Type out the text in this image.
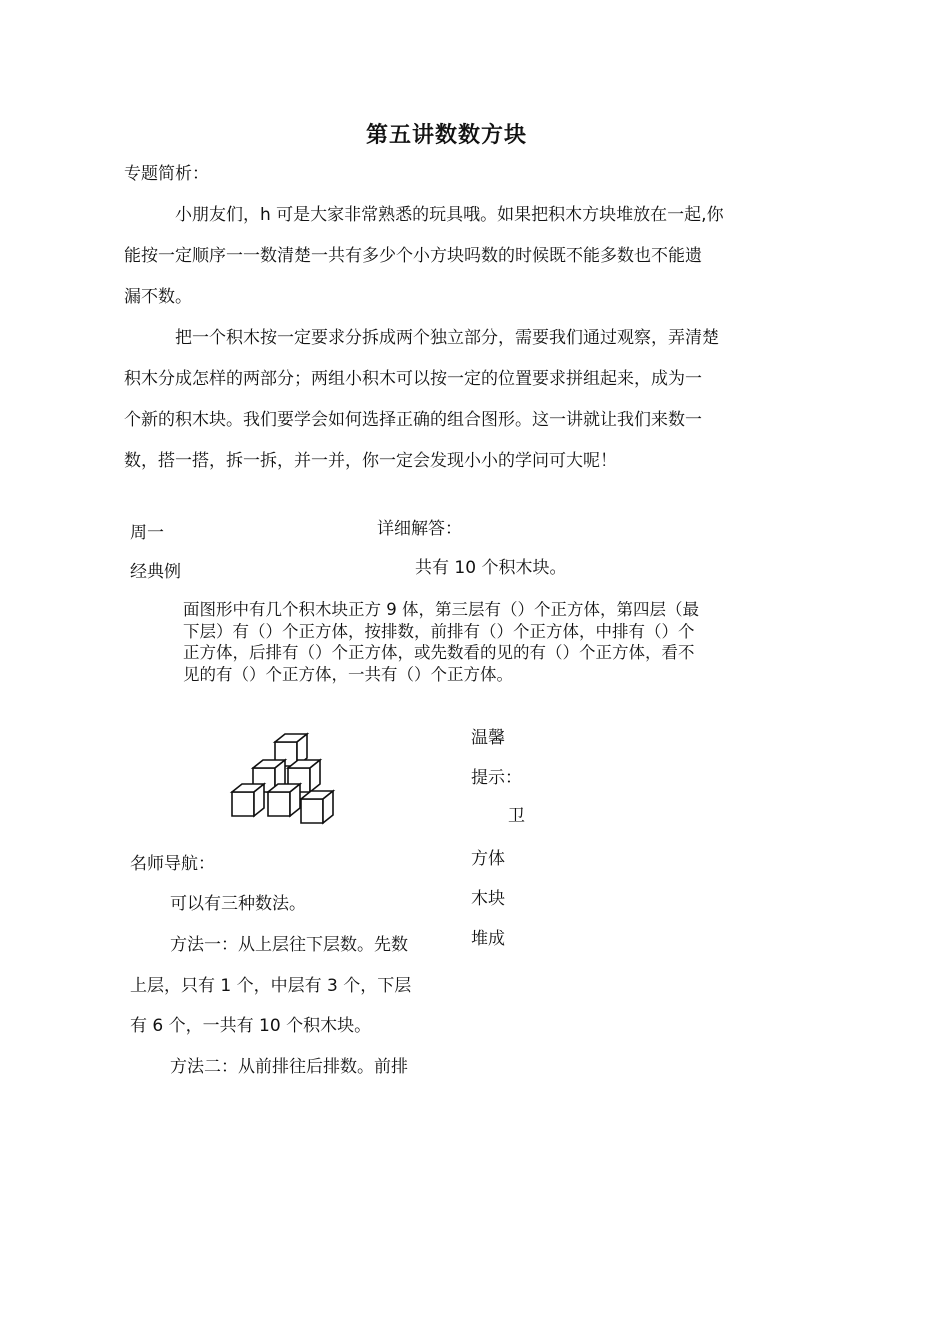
第五讲数数方块
专题简析：
小朋友们，h 可是大家非常熟悉的玩具哦。如果把积木方块堆放在一起,你
能按一定顺序一一数清楚一共有多少个小方块吗数的时候既不能多数也不能遗
漏不数。
把一个积木按一定要求分拆成两个独立部分，需要我们通过观察，弄清楚
积木分成怎样的两部分；两组小积木可以按一定的位置要求拼组起来，成为一
个新的积木块。我们要学会如何选择正确的组合图形。这一讲就让我们来数一
数，搭一搭，拆一拆，并一并，你一定会发现小小的学问可大呢！
周一	详细解答：
经典例	共有 10 个积木块。
面图形中有几个积木块正方 9 体，第三层有（）个正方体，第四层（最
下层）有（）个正方体，按排数，前排有（）个正方体，中排有（）个
正方体，后排有（）个正方体，或先数看的见的有（）个正方体，看不
见的有（）个正方体，一共有（）个正方体。
温馨
提示：
卫
方体
木块
堆成
名师导航：
可以有三种数法。
方法一：从上层往下层数。先数
上层，只有 1 个，中层有 3 个，下层
有 6 个，一共有 10 个积木块。
方法二：从前排往后排数。前排
